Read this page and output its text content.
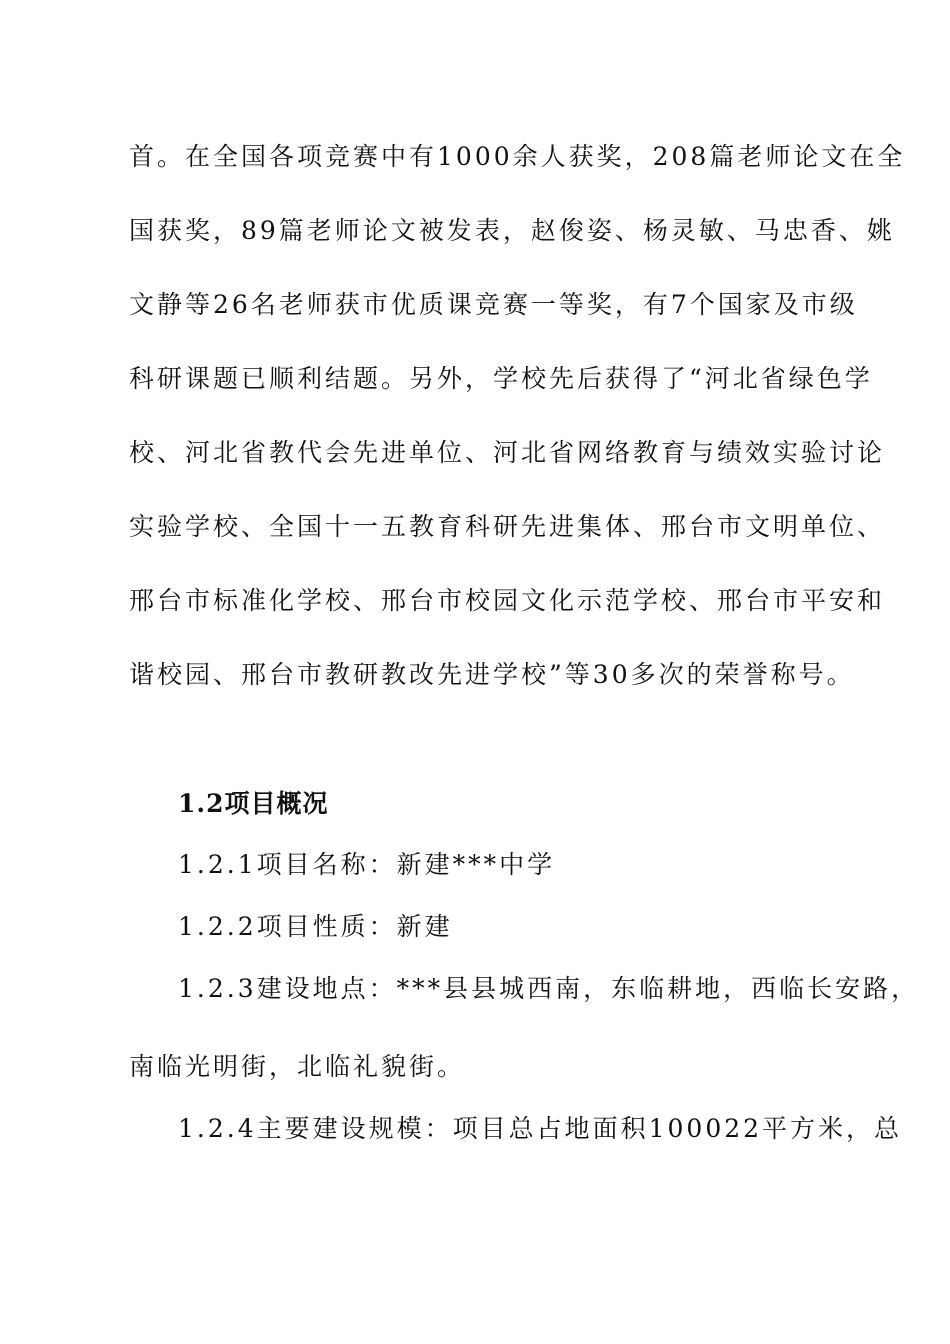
首。在全国各项竞赛中有1000余人获奖，208篇老师论文在全
国获奖，89篇老师论文被发表，赵俊姿、杨灵敏、马忠香、姚
文静等26名老师获市优质课竞赛一等奖，有7个国家及市级
科研课题已顺利结题。另外，学校先后获得了“河北省绿色学
校、河北省教代会先进单位、河北省网络教育与绩效实验讨论
实验学校、全国十一五教育科研先进集体、邢台市文明单位、
邢台市标准化学校、邢台市校园文化示范学校、邢台市平安和
谐校园、邢台市教研教改先进学校”等30多次的荣誉称号。
1.2项目概况
1.2.1项目名称：新建***中学
1.2.2项目性质：新建
1.2.3建设地点：***县县城西南，东临耕地，西临长安路，
南临光明街，北临礼貌街。
1.2.4主要建设规模：项目总占地面积100022平方米，总
